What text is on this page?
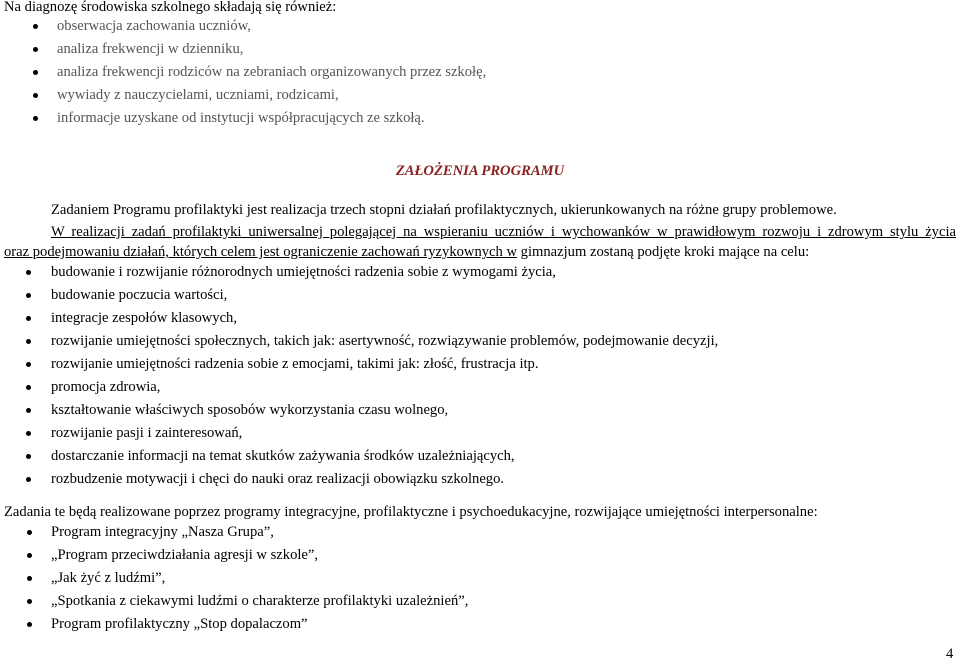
Na diagnozę środowiska szkolnego składają się również:
obserwacja zachowania uczniów,
analiza frekwencji w dzienniku,
analiza frekwencji rodziców na zebraniach organizowanych przez szkołę,
wywiady z nauczycielami, uczniami, rodzicami,
informacje uzyskane od instytucji współpracujących ze szkołą.
ZAŁOŻENIA PROGRAMU
Zadaniem Programu profilaktyki jest realizacja trzech stopni działań profilaktycznych, ukierunkowanych na różne grupy problemowe.
W realizacji zadań profilaktyki uniwersalnej polegającej na wspieraniu uczniów i wychowanków w prawidłowym rozwoju i zdrowym stylu życia
oraz podejmowaniu działań, których celem jest ograniczenie zachowań ryzykownych w gimnazjum zostaną podjęte kroki mające na celu:
budowanie i rozwijanie różnorodnych umiejętności radzenia sobie z wymogami życia,
budowanie poczucia wartości,
integracje zespołów klasowych,
rozwijanie umiejętności społecznych, takich jak: asertywność, rozwiązywanie problemów, podejmowanie decyzji,
rozwijanie umiejętności radzenia sobie z emocjami, takimi jak: złość, frustracja itp.
promocja zdrowia,
kształtowanie właściwych sposobów wykorzystania czasu wolnego,
rozwijanie pasji i zainteresowań,
dostarczanie informacji na temat skutków zażywania środków uzależniających,
rozbudzenie motywacji i chęci do nauki oraz realizacji obowiązku szkolnego.
Zadania te będą realizowane poprzez programy integracyjne, profilaktyczne i psychoedukacyjne, rozwijające umiejętności interpersonalne:
Program integracyjny „Nasza Grupa”,
„Program przeciwdziałania agresji w szkole”,
„Jak żyć z ludźmi”,
„Spotkania z ciekawymi ludźmi o charakterze profilaktyki uzależnień”,
Program profilaktyczny „Stop dopalaczom”
4
